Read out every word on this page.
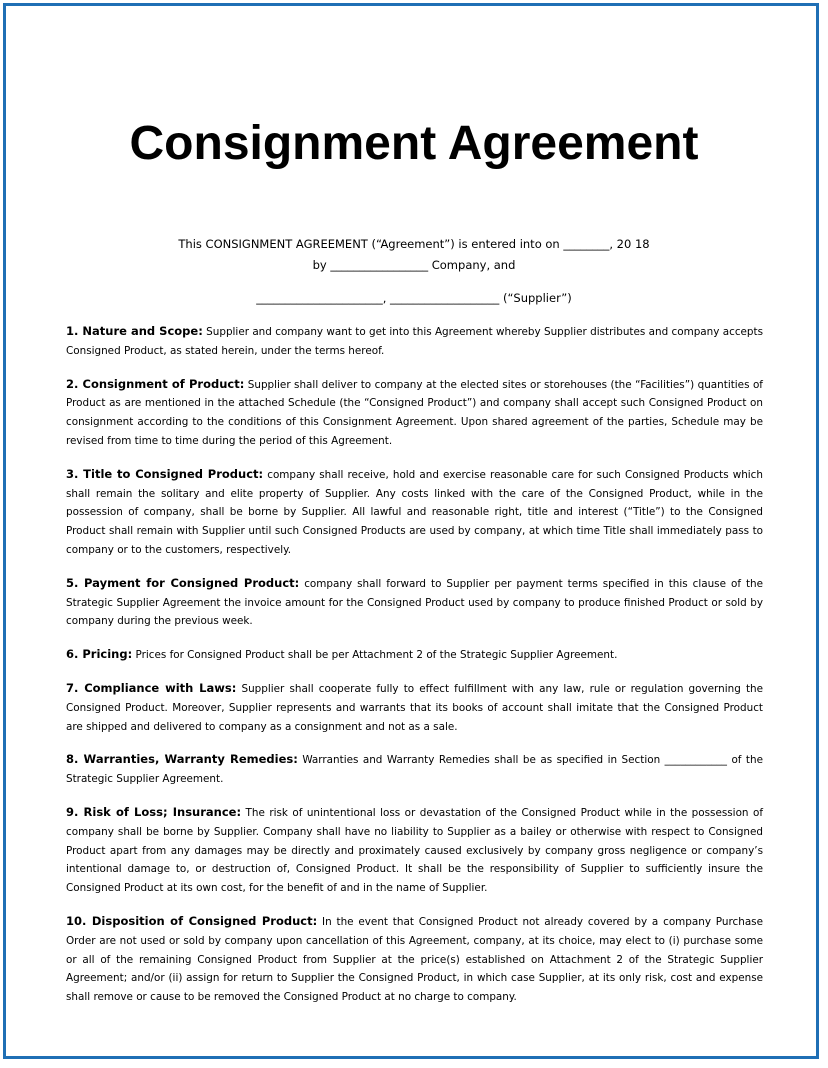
Consignment Agreement
This CONSIGNMENT AGREEMENT (“Agreement”) is entered into on ________, 20 18
by _________________ Company, and
______________________, ___________________ (“Supplier”)

1. Nature and Scope: Supplier and company want to get into this Agreement whereby Supplier distributes and company accepts Consigned Product, as stated herein, under the terms hereof.

2. Consignment of Product: Supplier shall deliver to company at the elected sites or storehouses (the “Facilities”) quantities of Product as are mentioned in the attached Schedule (the “Consigned Product”) and company shall accept such Consigned Product on consignment according to the conditions of this Consignment Agreement. Upon shared agreement of the parties, Schedule may be revised from time to time during the period of this Agreement.

3. Title to Consigned Product: company shall receive, hold and exercise reasonable care for such Consigned Products which shall remain the solitary and elite property of Supplier. Any costs linked with the care of the Consigned Product, while in the possession of company, shall be borne by Supplier. All lawful and reasonable right, title and interest (“Title”) to the Consigned Product shall remain with Supplier until such Consigned Products are used by company, at which time Title shall immediately pass to company or to the customers, respectively.

5. Payment for Consigned Product: company shall forward to Supplier per payment terms specified in this clause of the Strategic Supplier Agreement the invoice amount for the Consigned Product used by company to produce finished Product or sold by company during the previous week.

6. Pricing: Prices for Consigned Product shall be per Attachment 2 of the Strategic Supplier Agreement.

7. Compliance with Laws: Supplier shall cooperate fully to effect fulfillment with any law, rule or regulation governing the Consigned Product. Moreover, Supplier represents and warrants that its books of account shall imitate that the Consigned Product are shipped and delivered to company as a consignment and not as a sale.

8. Warranties, Warranty Remedies: Warranties and Warranty Remedies shall be as specified in Section ____________ of the Strategic Supplier Agreement.

9. Risk of Loss; Insurance: The risk of unintentional loss or devastation of the Consigned Product while in the possession of company shall be borne by Supplier. Company shall have no liability to Supplier as a bailey or otherwise with respect to Consigned Product apart from any damages may be directly and proximately caused exclusively by company gross negligence or company’s intentional damage to, or destruction of, Consigned Product. It shall be the responsibility of Supplier to sufficiently insure the Consigned Product at its own cost, for the benefit of and in the name of Supplier.

10. Disposition of Consigned Product: In the event that Consigned Product not already covered by a company Purchase Order are not used or sold by company upon cancellation of this Agreement, company, at its choice, may elect to (i) purchase some or all of the remaining Consigned Product from Supplier at the price(s) established on Attachment 2 of the Strategic Supplier Agreement; and/or (ii) assign for return to Supplier the Consigned Product, in which case Supplier, at its only risk, cost and expense shall remove or cause to be removed the Consigned Product at no charge to company.
